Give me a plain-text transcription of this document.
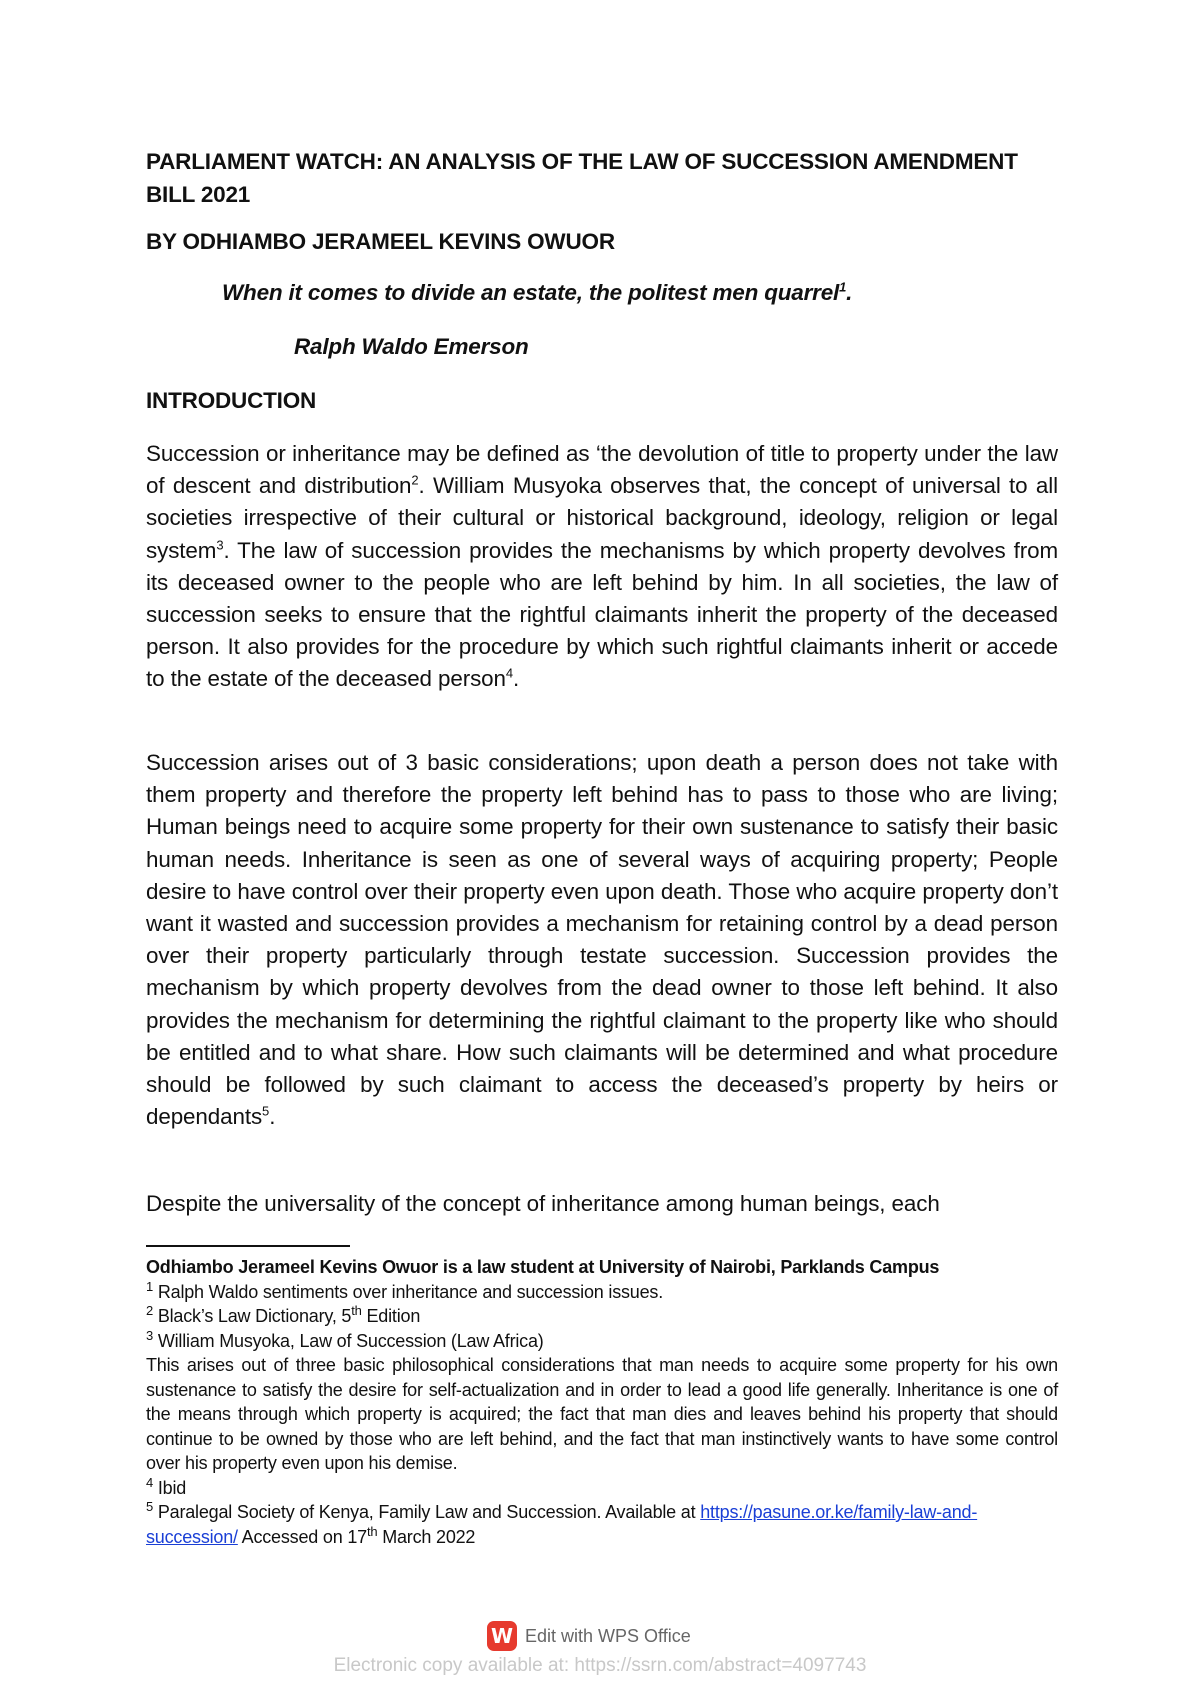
PARLIAMENT WATCH: AN ANALYSIS OF THE LAW OF SUCCESSION AMENDMENT BILL 2021
BY ODHIAMBO JERAMEEL KEVINS OWUOR
When it comes to divide an estate, the politest men quarrel$^1$.
Ralph Waldo Emerson
INTRODUCTION
Succession or inheritance may be defined as ‘the devolution of title to property under the law of descent and distribution$^2$. William Musyoka observes that, the concept of universal to all societies irrespective of their cultural or historical background, ideology, religion or legal system$^3$. The law of succession provides the mechanisms by which property devolves from its deceased owner to the people who are left behind by him. In all societies, the law of succession seeks to ensure that the rightful claimants inherit the property of the deceased person. It also provides for the procedure by which such rightful claimants inherit or accede to the estate of the deceased person$^4$.
Succession arises out of 3 basic considerations; upon death a person does not take with them property and therefore the property left behind has to pass to those who are living; Human beings need to acquire some property for their own sustenance to satisfy their basic human needs. Inheritance is seen as one of several ways of acquiring property; People desire to have control over their property even upon death. Those who acquire property don’t want it wasted and succession provides a mechanism for retaining control by a dead person over their property particularly through testate succession. Succession provides the mechanism by which property devolves from the dead owner to those left behind. It also provides the mechanism for determining the rightful claimant to the property like who should be entitled and to what share. How such claimants will be determined and what procedure should be followed by such claimant to access the deceased’s property by heirs or dependants$^5$.
Despite the universality of the concept of inheritance among human beings, each
Odhiambo Jerameel Kevins Owuor is a law student at University of Nairobi, Parklands Campus
$^1$ Ralph Waldo sentiments over inheritance and succession issues.
$^2$ Black’s Law Dictionary, 5th Edition
$^3$ William Musyoka, Law of Succession (Law Africa)
This arises out of three basic philosophical considerations that man needs to acquire some property for his own sustenance to satisfy the desire for self-actualization and in order to lead a good life generally. Inheritance is one of the means through which property is acquired; the fact that man dies and leaves behind his property that should continue to be owned by those who are left behind, and the fact that man instinctively wants to have some control over his property even upon his demise.
$^4$ Ibid
$^5$ Paralegal Society of Kenya, Family Law and Succession. Available at https://pasune.or.ke/family-law-and-succession/ Accessed on 17th March 2022
W Edit with WPS Office
Electronic copy available at: https://ssrn.com/abstract=4097743
